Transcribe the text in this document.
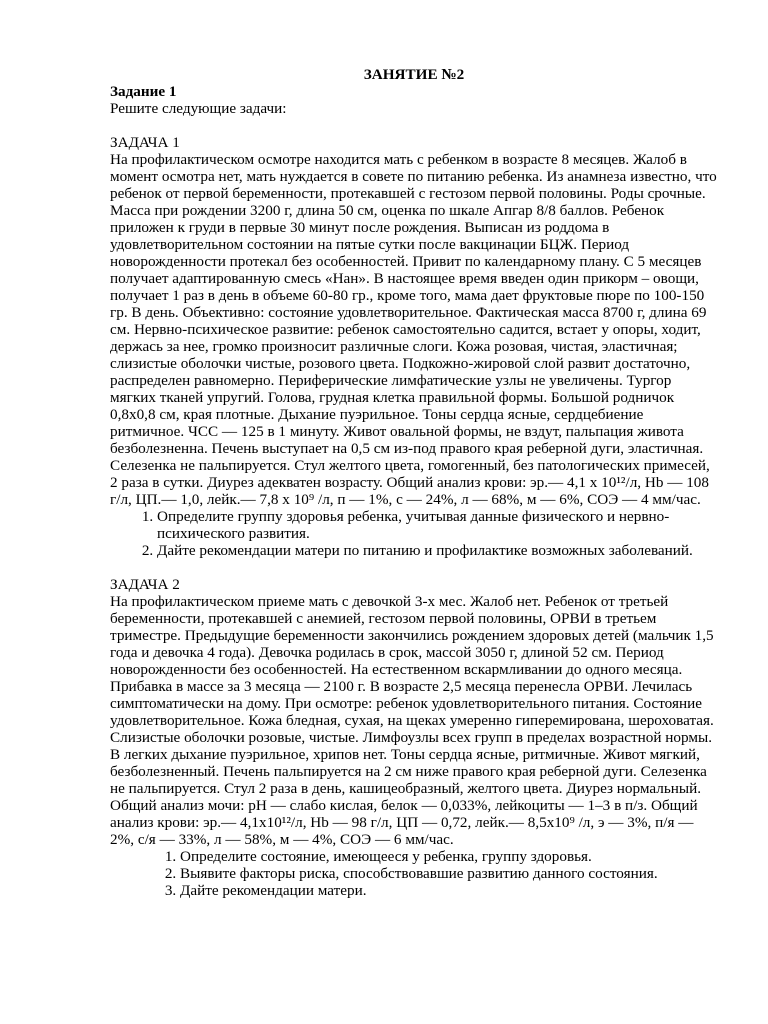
ЗАНЯТИЕ №2

Задание 1

Решите следующие задачи:

ЗАДАЧА 1

На профилактическом осмотре находится мать с ребенком в возрасте 8 месяцев. Жалоб в момент осмотра нет, мать нуждается в совете по питанию ребенка. Из анамнеза известно, что ребенок от первой беременности, протекавшей с гестозом первой половины. Роды срочные. Масса при рождении 3200 г, длина 50 см, оценка по шкале Апгар 8/8 баллов. Ребенок приложен к груди в первые 30 минут после рождения. Выписан из роддома в удовлетворительном состоянии на пятые сутки после вакцинации БЦЖ. Период новорожденности протекал без особенностей. Привит по календарному плану. С 5 месяцев получает адаптированную смесь «Нан». В настоящее время введен один прикорм – овощи, получает 1 раз в день в объеме 60-80 гр., кроме того, мама дает фруктовые пюре по 100-150 гр. В день. Объективно: состояние удовлетворительное. Фактическая масса 8700 г, длина 69 см. Нервно-психическое развитие: ребенок самостоятельно садится, встает у опоры, ходит, держась за нее, громко произносит различные слоги. Кожа розовая, чистая, эластичная; слизистые оболочки чистые, розового цвета. Подкожно-жировой слой развит достаточно, распределен равномерно. Периферические лимфатические узлы не увеличены. Тургор мягких тканей упругий. Голова, грудная клетка правильной формы. Большой родничок 0,8х0,8 см, края плотные. Дыхание пуэрильное. Тоны сердца ясные, сердцебиение ритмичное. ЧСС — 125 в 1 минуту. Живот овальной формы, не вздут, пальпация живота безболезненна. Печень выступает на 0,5 см из-под правого края реберной дуги, эластичная. Селезенка не пальпируется. Стул желтого цвета, гомогенный, без патологических примесей, 2 раза в сутки. Диурез адекватен возрасту. Общий анализ крови: эр.— 4,1 х 10¹²/л, Hb — 108 г/л, ЦП.— 1,0, лейк.— 7,8 х 10⁹ /л, п — 1%, с — 24%, л — 68%, м — 6%, СОЭ — 4 мм/час.

1. Определите группу здоровья ребенка, учитывая данные физического и нервно-психического развития.
2. Дайте рекомендации матери по питанию и профилактике возможных заболеваний.

ЗАДАЧА 2

На профилактическом приеме мать с девочкой 3-х мес. Жалоб нет. Ребенок от третьей беременности, протекавшей с анемией, гестозом первой половины, ОРВИ в третьем триместре. Предыдущие беременности закончились рождением здоровых детей (мальчик 1,5 года и девочка 4 года). Девочка родилась в срок, массой 3050 г, длиной 52 см. Период новорожденности без особенностей. На естественном вскармливании до одного месяца. Прибавка в массе за 3 месяца — 2100 г. В возрасте 2,5 месяца перенесла ОРВИ. Лечилась симптоматически на дому. При осмотре: ребенок удовлетворительного питания. Состояние удовлетворительное. Кожа бледная, сухая, на щеках умеренно гиперемирована, шероховатая. Слизистые оболочки розовые, чистые. Лимфоузлы всех групп в пределах возрастной нормы. В легких дыхание пуэрильное, хрипов нет. Тоны сердца ясные, ритмичные. Живот мягкий, безболезненный. Печень пальпируется на 2 см ниже правого края реберной дуги. Селезенка не пальпируется. Стул 2 раза в день, кашицеобразный, желтого цвета. Диурез нормальный. Общий анализ мочи: рН — слабо кислая, белок — 0,033%, лейкоциты — 1–3 в п/з. Общий анализ крови: эр.— 4,1х10¹²/л, Hb — 98 г/л, ЦП — 0,72, лейк.— 8,5х10⁹ /л, э — 3%, п/я — 2%, с/я — 33%, л — 58%, м — 4%, СОЭ — 6 мм/час.

1. Определите состояние, имеющееся у ребенка, группу здоровья.
2. Выявите факторы риска, способствовавшие развитию данного состояния.
3. Дайте рекомендации матери.
